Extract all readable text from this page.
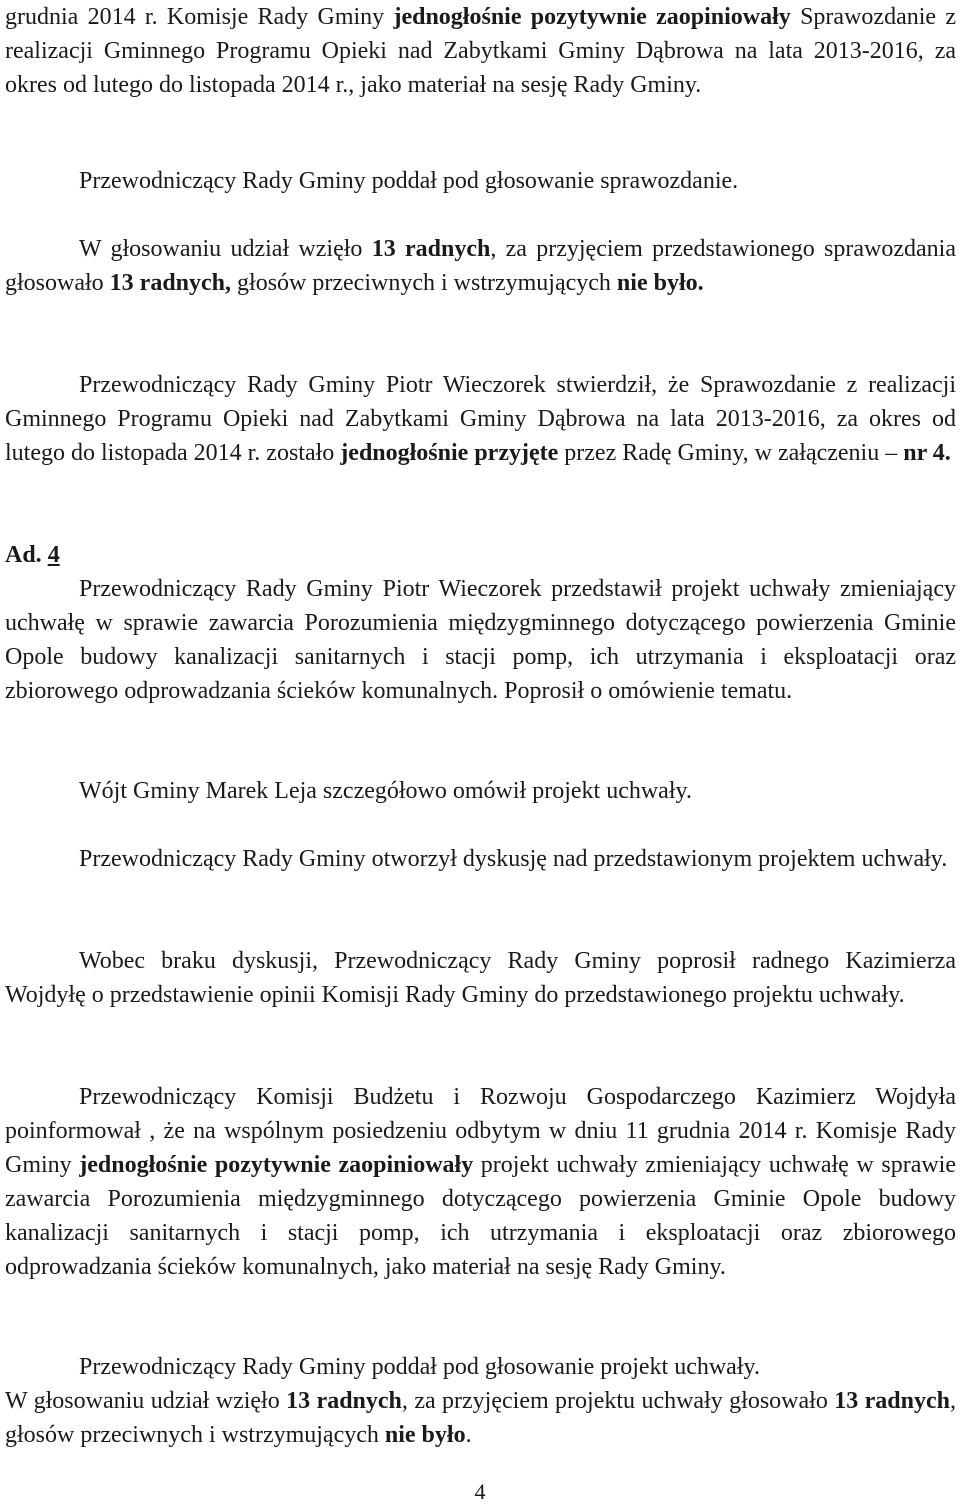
grudnia 2014 r. Komisje Rady Gminy jednogłośnie pozytywnie zaopiniowały Sprawozdanie z realizacji Gminnego Programu Opieki nad Zabytkami Gminy Dąbrowa na lata 2013-2016, za okres od lutego do listopada 2014 r., jako materiał na sesję Rady Gminy.

Przewodniczący Rady Gminy poddał pod głosowanie sprawozdanie.

W głosowaniu udział wzięło 13 radnych, za przyjęciem przedstawionego sprawozdania głosowało 13 radnych, głosów przeciwnych i wstrzymujących nie było.

Przewodniczący Rady Gminy Piotr Wieczorek stwierdził, że Sprawozdanie z realizacji Gminnego Programu Opieki nad Zabytkami Gminy Dąbrowa na lata 2013-2016, za okres od lutego do listopada 2014 r. zostało jednogłośnie przyjęte przez Radę Gminy, w załączeniu – nr 4.

Ad. 4

Przewodniczący Rady Gminy Piotr Wieczorek przedstawił projekt uchwały zmieniający uchwałę w sprawie zawarcia Porozumienia międzygminnego dotyczącego powierzenia Gminie Opole budowy kanalizacji sanitarnych i stacji pomp, ich utrzymania i eksploatacji oraz zbiorowego odprowadzania ścieków komunalnych. Poprosił o omówienie tematu.

Wójt Gminy Marek Leja szczegółowo omówił projekt uchwały.

Przewodniczący Rady Gminy otworzył dyskusję nad przedstawionym projektem uchwały.

Wobec braku dyskusji, Przewodniczący Rady Gminy poprosił radnego Kazimierza Wojdyłę o przedstawienie opinii Komisji Rady Gminy do przedstawionego projektu uchwały.

Przewodniczący Komisji Budżetu i Rozwoju Gospodarczego Kazimierz Wojdyła poinformował , że na wspólnym posiedzeniu odbytym w dniu 11 grudnia 2014 r. Komisje Rady Gminy jednogłośnie pozytywnie zaopiniowały projekt uchwały zmieniający uchwałę w sprawie zawarcia Porozumienia międzygminnego dotyczącego powierzenia Gminie Opole budowy kanalizacji sanitarnych i stacji pomp, ich utrzymania i eksploatacji oraz zbiorowego odprowadzania ścieków komunalnych, jako materiał na sesję Rady Gminy.

Przewodniczący Rady Gminy poddał pod głosowanie projekt uchwały.
W głosowaniu udział wzięło 13 radnych, za przyjęciem projektu uchwały głosowało 13 radnych, głosów przeciwnych i wstrzymujących nie było.

4
